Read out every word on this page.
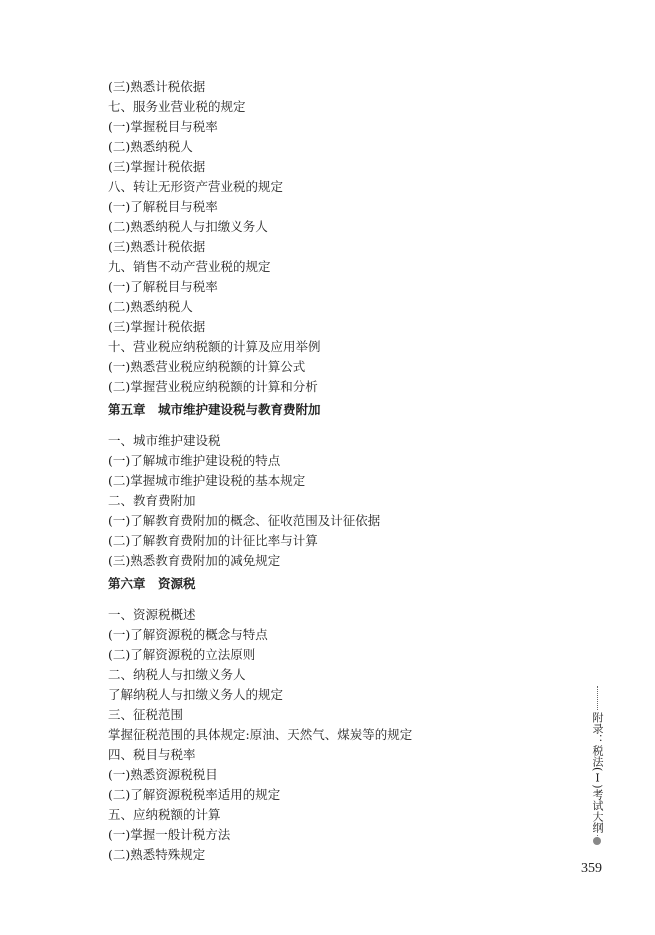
(三)熟悉计税依据
七、服务业营业税的规定
(一)掌握税目与税率
(二)熟悉纳税人
(三)掌握计税依据
八、转让无形资产营业税的规定
(一)了解税目与税率
(二)熟悉纳税人与扣缴义务人
(三)熟悉计税依据
九、销售不动产营业税的规定
(一)了解税目与税率
(二)熟悉纳税人
(三)掌握计税依据
十、营业税应纳税额的计算及应用举例
(一)熟悉营业税应纳税额的计算公式
(二)掌握营业税应纳税额的计算和分析
第五章　城市维护建设税与教育费附加
一、城市维护建设税
(一)了解城市维护建设税的特点
(二)掌握城市维护建设税的基本规定
二、教育费附加
(一)了解教育费附加的概念、征收范围及计征依据
(二)了解教育费附加的计征比率与计算
(三)熟悉教育费附加的减免规定
第六章　资源税
一、资源税概述
(一)了解资源税的概念与特点
(二)了解资源税的立法原则
二、纳税人与扣缴义务人
了解纳税人与扣缴义务人的规定
三、征税范围
掌握征税范围的具体规定:原油、天然气、煤炭等的规定
四、税目与税率
(一)熟悉资源税税目
(二)了解资源税税率适用的规定
五、应纳税额的计算
(一)掌握一般计税方法
(二)熟悉特殊规定
附录：税法(Ⅰ)考试大纲
359
